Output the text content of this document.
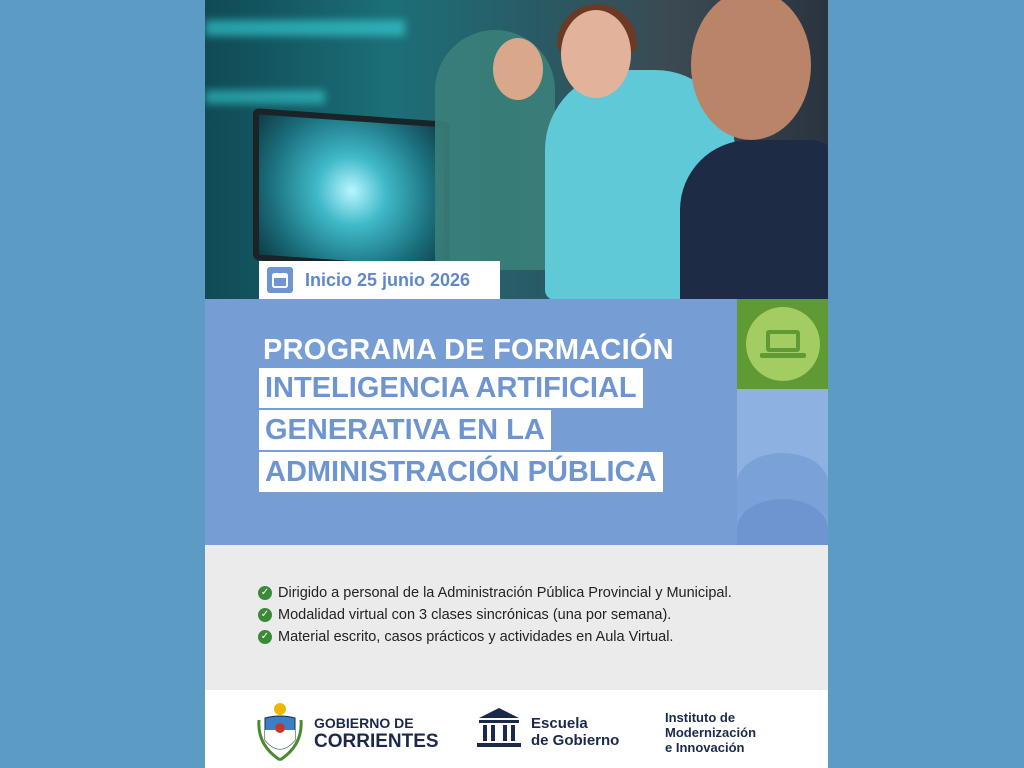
Inicio 25 junio 2026
PROGRAMA DE FORMACIÓN
INTELIGENCIA ARTIFICIAL
GENERATIVA EN LA
ADMINISTRACIÓN PÚBLICA
✓ Dirigido a personal de la Administración Pública Provincial y Municipal.
✓ Modalidad virtual con 3 clases sincrónicas (una por semana).
✓ Material escrito, casos prácticos y actividades en Aula Virtual.
GOBIERNO DE
CORRIENTES
Escuela
de Gobierno
Instituto de
Modernización
e Innovación
